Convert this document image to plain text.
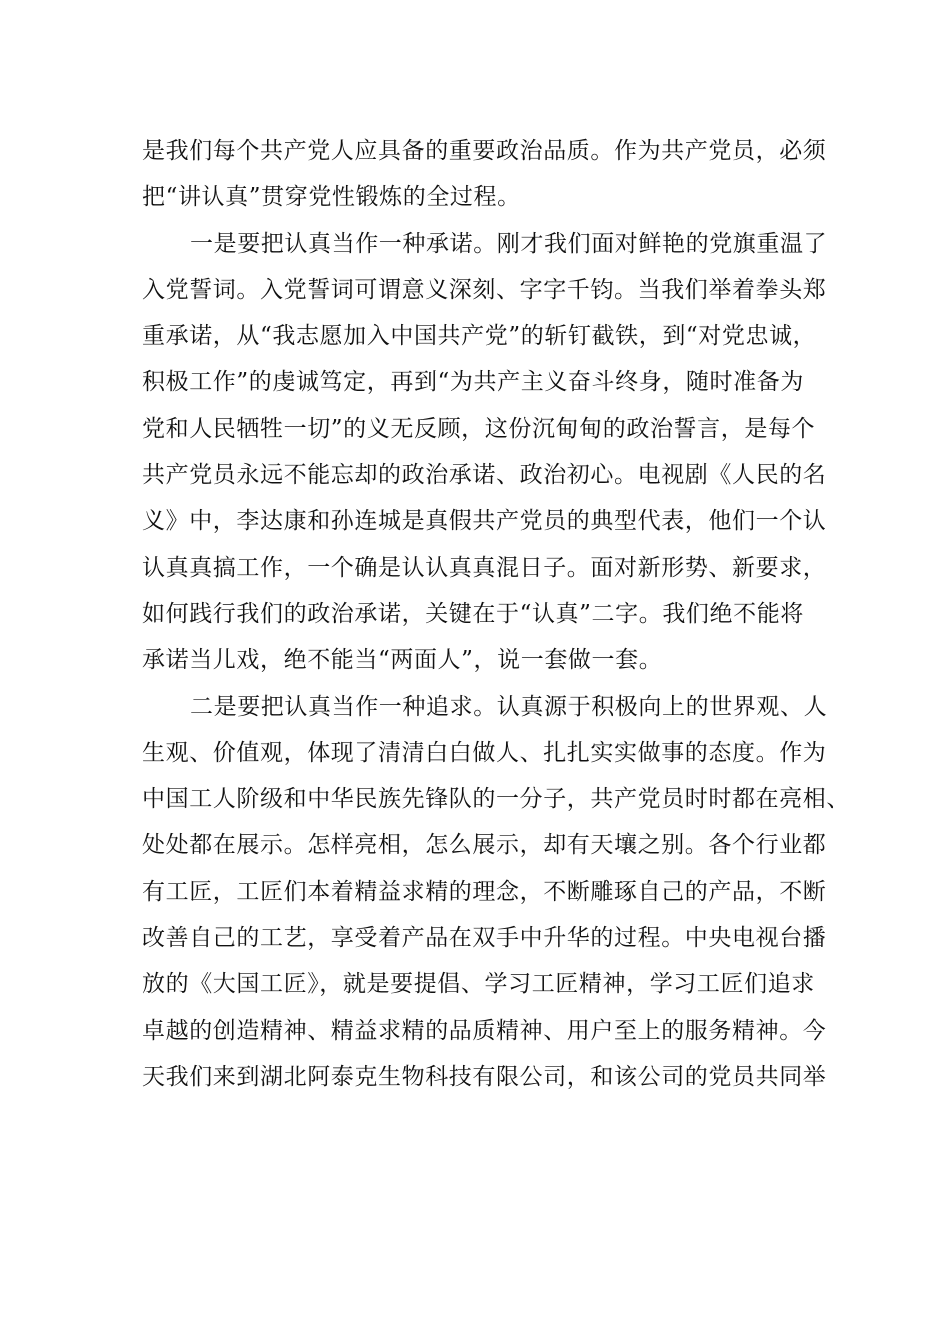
是我们每个共产党人应具备的重要政治品质。作为共产党员，必须
把“讲认真”贯穿党性锻炼的全过程。
一是要把认真当作一种承诺。刚才我们面对鲜艳的党旗重温了
入党誓词。入党誓词可谓意义深刻、字字千钧。当我们举着拳头郑
重承诺，从“我志愿加入中国共产党”的斩钉截铁，到“对党忠诚，
积极工作”的虔诚笃定，再到“为共产主义奋斗终身，随时准备为
党和人民牺牲一切”的义无反顾，这份沉甸甸的政治誓言，是每个
共产党员永远不能忘却的政治承诺、政治初心。电视剧《人民的名
义》中，李达康和孙连城是真假共产党员的典型代表，他们一个认
认真真搞工作，一个确是认认真真混日子。面对新形势、新要求，
如何践行我们的政治承诺，关键在于“认真”二字。我们绝不能将
承诺当儿戏，绝不能当“两面人”，说一套做一套。
二是要把认真当作一种追求。认真源于积极向上的世界观、人
生观、价值观，体现了清清白白做人、扎扎实实做事的态度。作为
中国工人阶级和中华民族先锋队的一分子，共产党员时时都在亮相、
处处都在展示。怎样亮相，怎么展示，却有天壤之别。各个行业都
有工匠，工匠们本着精益求精的理念，不断雕琢自己的产品，不断
改善自己的工艺，享受着产品在双手中升华的过程。中央电视台播
放的《大国工匠》，就是要提倡、学习工匠精神，学习工匠们追求
卓越的创造精神、精益求精的品质精神、用户至上的服务精神。今
天我们来到湖北阿泰克生物科技有限公司，和该公司的党员共同举
